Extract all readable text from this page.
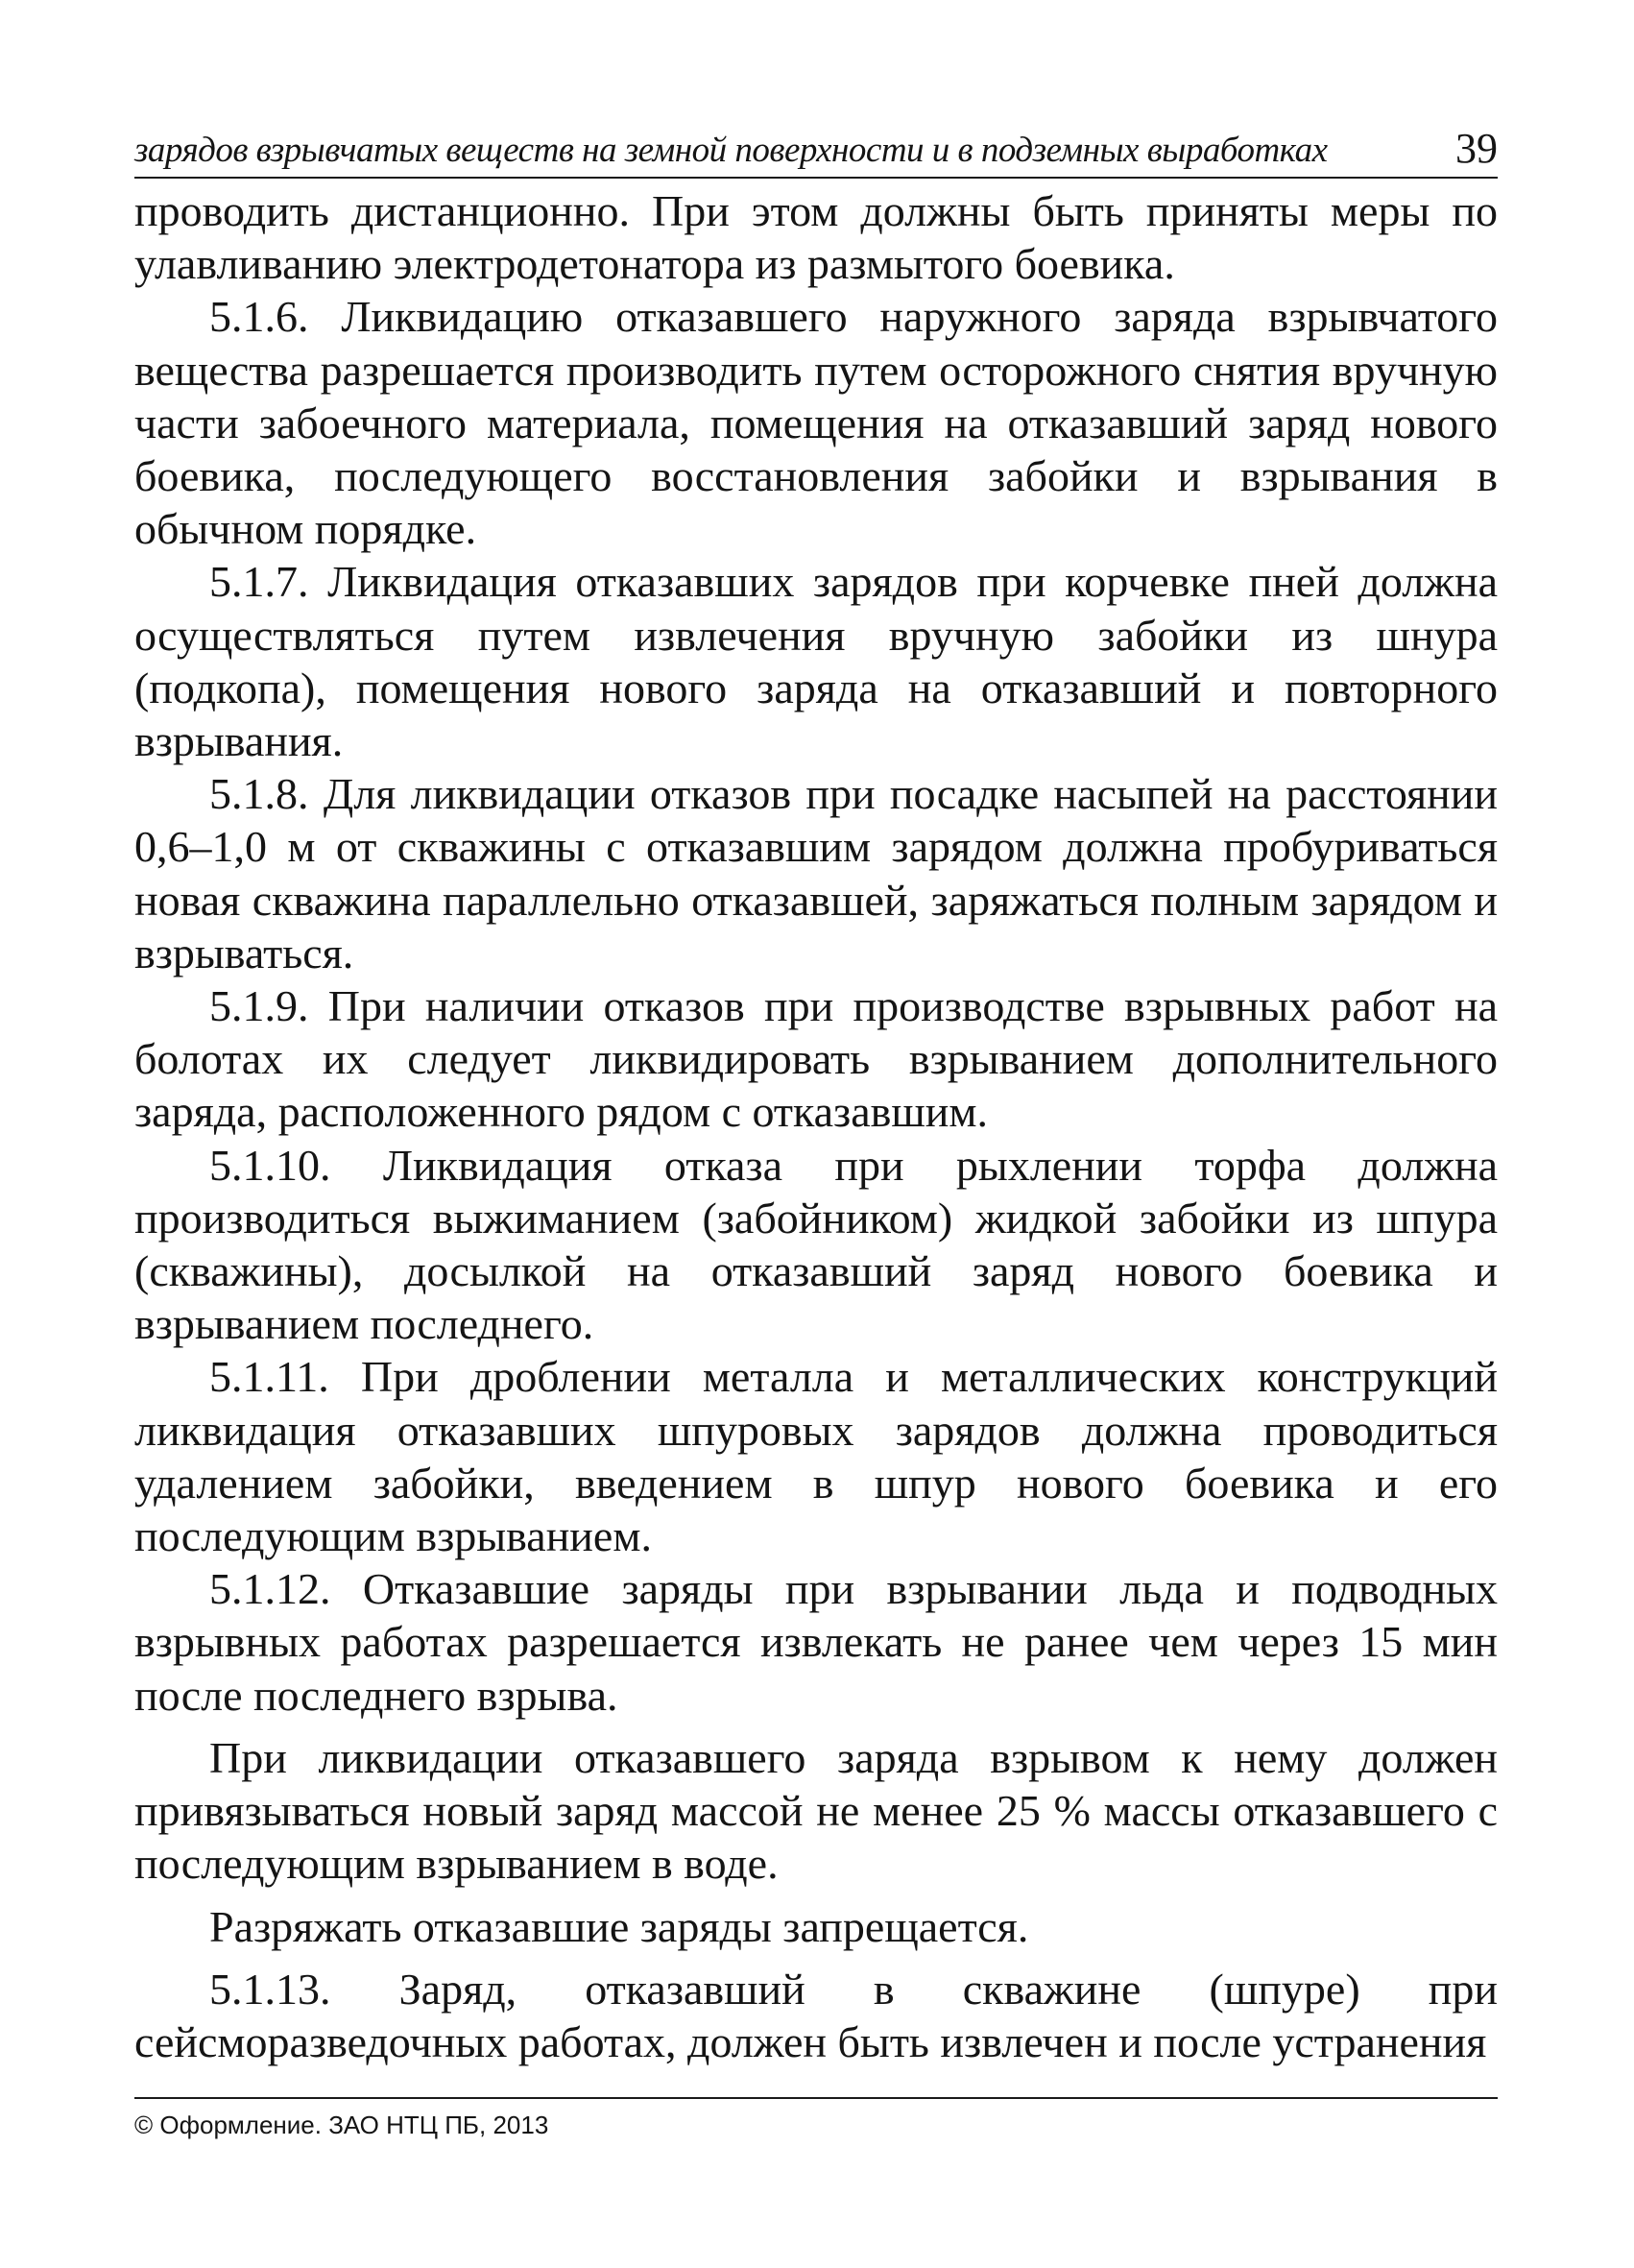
зарядов взрывчатых веществ на земной поверхности и в подземных выработках	39

проводить дистанционно. При этом должны быть приняты меры по улавливанию электродетонатора из размытого боевика.

5.1.6. Ликвидацию отказавшего наружного заряда взрывчатого вещества разрешается производить путем осторожного снятия вручную части забоечного материала, помещения на отказавший заряд нового боевика, последующего восстановления забойки и взрывания в обычном порядке.

5.1.7. Ликвидация отказавших зарядов при корчевке пней должна осуществляться путем извлечения вручную забойки из шнура (подкопа), помещения нового заряда на отказавший и повторного взрывания.

5.1.8. Для ликвидации отказов при посадке насыпей на расстоянии 0,6–1,0 м от скважины с отказавшим зарядом должна пробуриваться новая скважина параллельно отказавшей, заряжаться полным зарядом и взрываться.

5.1.9. При наличии отказов при производстве взрывных работ на болотах их следует ликвидировать взрыванием дополнительного заряда, расположенного рядом с отказавшим.

5.1.10. Ликвидация отказа при рыхлении торфа должна производиться выжиманием (забойником) жидкой забойки из шпура (скважины), досылкой на отказавший заряд нового боевика и взрыванием последнего.

5.1.11. При дроблении металла и металлических конструкций ликвидация отказавших шпуровых зарядов должна проводиться удалением забойки, введением в шпур нового боевика и его последующим взрыванием.

5.1.12. Отказавшие заряды при взрывании льда и подводных взрывных работах разрешается извлекать не ранее чем через 15 мин после последнего взрыва.

При ликвидации отказавшего заряда взрывом к нему должен привязываться новый заряд массой не менее 25 % массы отказавшего с последующим взрыванием в воде.

Разряжать отказавшие заряды запрещается.

5.1.13. Заряд, отказавший в скважине (шпуре) при сейсморазведочных работах, должен быть извлечен и после устранения

© Оформление. ЗАО НТЦ ПБ, 2013
